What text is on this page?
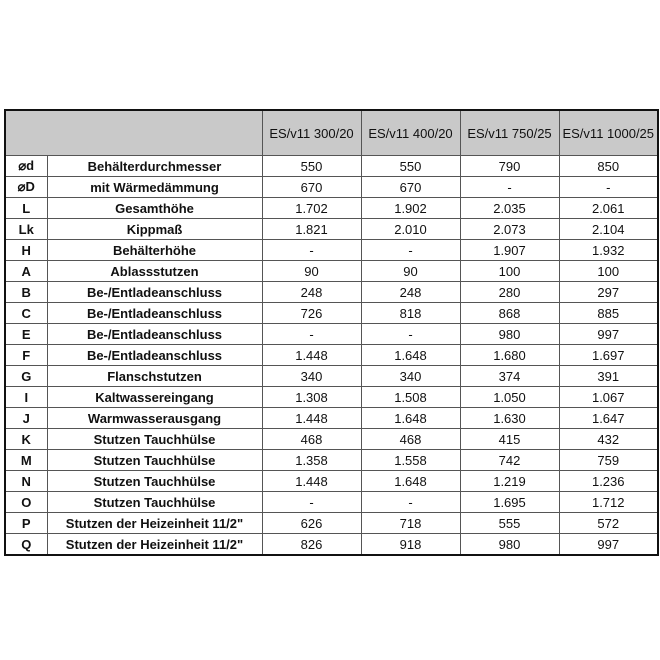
		ES/v11 300/20	ES/v11 400/20	ES/v11 750/25	ES/v11 1000/25
⌀d	Behälterdurchmesser	550	550	790	850
⌀D	mit Wärmedämmung	670	670	-	-
L	Gesamthöhe	1.702	1.902	2.035	2.061
Lk	Kippmaß	1.821	2.010	2.073	2.104
H	Behälterhöhe	-	-	1.907	1.932
A	Ablassstutzen	90	90	100	100
B	Be-/Entladeanschluss	248	248	280	297
C	Be-/Entladeanschluss	726	818	868	885
E	Be-/Entladeanschluss	-	-	980	997
F	Be-/Entladeanschluss	1.448	1.648	1.680	1.697
G	Flanschstutzen	340	340	374	391
I	Kaltwassereingang	1.308	1.508	1.050	1.067
J	Warmwasserausgang	1.448	1.648	1.630	1.647
K	Stutzen Tauchhülse	468	468	415	432
M	Stutzen Tauchhülse	1.358	1.558	742	759
N	Stutzen Tauchhülse	1.448	1.648	1.219	1.236
O	Stutzen Tauchhülse	-	-	1.695	1.712
P	Stutzen der Heizeinheit 11/2"	626	718	555	572
Q	Stutzen der Heizeinheit 11/2"	826	918	980	997
